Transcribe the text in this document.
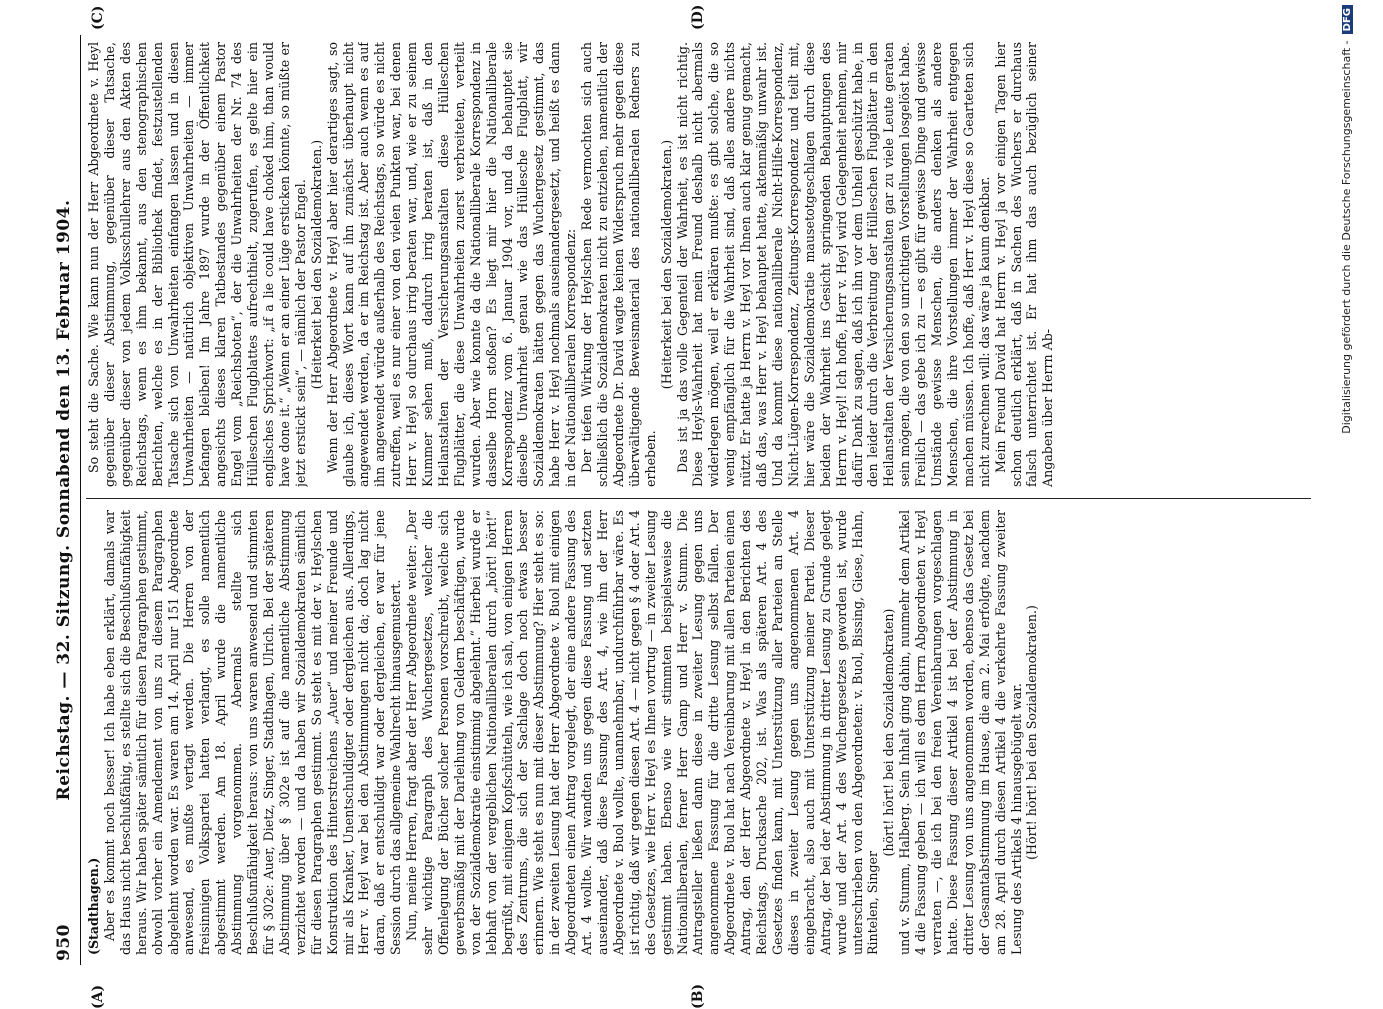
950
Reichstag. — 32. Sitzung. Sonnabend den 13. Februar 1904.
(A)	(B)
(C)	(D)

(Stadthagen.) Aber es kommt noch besser! Ich habe eben erklärt, damals war das Haus nicht beschlußfähig, es stellte sich die Beschlußunfähigkeit heraus. Wir haben später sämtlich für diesen Paragraphen gestimmt, obwohl vorher ein Amendement von uns zu diesem Paragraphen abgelehnt worden war. Es waren am 14. April nur 151 Abgeordnete anwesend, es mußte vertagt werden. Die Herren von der freisinnigen Volkspartei hatten verlangt, es solle namentlich abgestimmt werden. Am 18. April wurde die namentliche Abstimmung vorgenommen. Abermals stellte sich Beschlußunfähigkeit heraus: von uns waren anwesend und stimmten für § 302e: Auer, Dietz, Singer, Stadthagen, Ulrich. Bei der späteren Abstimmung über § 302e ist auf die namentliche Abstimmung verzichtet worden — und da haben wir Sozialdemokraten sämtlich für diesen Paragraphen gestimmt. So steht es mit der v. Heylschen Konstruktion des Hinterstreichens „Auer“ und meiner Freunde und mir als Kranker, Unentschuldigter oder dergleichen aus. Allerdings, Herr v. Heyl war bei den Abstimmungen nicht da; doch lag nicht daran, daß er entschuldigt war oder dergleichen, er war für jene Session durch das allgemeine Wahlrecht hinausgemustert. Nun, meine Herren, fragt aber der Herr Abgeordnete weiter: „Der sehr wichtige Paragraph des Wuchergesetzes, welcher die Offenlegung der Bücher solcher Personen vorschreibt, welche sich gewerbsmäßig mit der Darleihung von Geldern beschäftigen, wurde von der Sozialdemokratie einstimmig abgelehnt.“ Hierbei wurde er lebhaft von der vergeblichen Nationalliberalen durch „hört! hört!“ begrüßt, mit einigem Kopfschütteln, wie ich sah, von einigen Herren des Zentrums, die sich der Sachlage doch noch etwas besser erinnern. Wie steht es nun mit dieser Abstimmung? Hier steht es so: in der zweiten Lesung hat der Herr Abgeordnete v. Buol mit einigen Abgeordneten einen Antrag vorgelegt, der eine andere Fassung des Art. 4 wollte. Wir wandten uns gegen diese Fassung und setzten auseinander, daß diese Fassung des Art. 4, wie ihn der Herr Abgeordnete v. Buol wollte, unannehmbar, undurchführbar wäre. Es ist richtig, daß wir gegen diesen Art. 4 — nicht gegen § 4 oder Art. 4 des Gesetzes, wie Herr v. Heyl es Ihnen vortrug — in zweiter Lesung gestimmt haben. Ebenso wie wir stimmten beispielsweise die Nationalliberalen, ferner Herr Gamp und Herr v. Stumm. Die Antragsteller ließen dann diese in zweiter Lesung gegen uns angenommene Fassung für die dritte Lesung selbst fallen. Der Abgeordnete v. Buol hat nach Vereinbarung mit allen Parteien einen Antrag, den der Herr Abgeordnete v. Heyl in den Berichten des Reichstags, Drucksache 202, ist. Was als späteren Art. 4 des Gesetzes finden kann, mit Unterstützung aller Parteien an Stelle dieses in zweiter Lesung gegen uns angenommenen Art. 4 eingebracht, also auch mit Unterstützung meiner Partei. Dieser Antrag, der bei der Abstimmung in dritter Lesung zu Grunde gelegt wurde und der Art. 4 des Wuchergesetzes geworden ist, wurde unterschrieben von den Abgeordneten: v. Buol, Bissing, Giese, Hahn, Rintelen, Singer

(hört! hört! bei den Sozialdemokraten) und v. Stumm, Halberg. Sein Inhalt ging dahin, nunmehr dem Artikel 4 die Fassung geben — ich will es dem Herrn Abgeordneten v. Heyl verraten —, die ich bei den freien Vereinbarungen vorgeschlagen hatte. Diese Fassung dieser Artikel 4 ist bei der Abstimmung in dritter Lesung von uns angenommen worden, ebenso das Gesetz bei der Gesamtabstimmung im Hause, die am 2. Mai erfolgte, nachdem am 28. April durch diesen Artikel 4 die verkehrte Fassung zweiter Lesung des Artikels 4 hinausgebügelt war. (Hört! hört! bei den Sozialdemokraten.)

So steht die Sache. Wie kann nun der Herr Abgeordnete v. Heyl gegenüber dieser Abstimmung, gegenüber dieser Tatsache, gegenüber dieser von jedem Volksschullehrer aus den Akten des Reichstags, wenn es ihm bekannt, aus den stenographischen Berichten, welche es in der Bibliothek findet, festzustellenden Tatsache sich von Unwahrheiten einfangen lassen und in diesen Unwahrheiten — natürlich objektiven Unwahrheiten — immer befangen bleiben! Im Jahre 1897 wurde in der Öffentlichkeit angesichts dieses klaren Tatbestandes gegenüber einem Pastor Engel vom „Reichsboten“, der die Unwahrheiten der Nr. 74 des Hülleschen Flugblattes aufrechthielt, zugerufen, es gelte hier ein englisches Sprichwort: „if a lie could have choked him, than would have done it.“ „Wenn er an einer Lüge ersticken könnte, so müßte er jetzt erstickt sein“, — nämlich der Pastor Engel. (Heiterkeit bei den Sozialdemokraten.) Wenn der Herr Abgeordnete v. Heyl aber hier derartiges sagt, so glaube ich, dieses Wort kann auf ihn zunächst überhaupt nicht angewendet werden, da er im Reichstag ist. Aber auch wenn es auf ihn angewendet würde außerhalb des Reichstags, so würde es nicht zutreffen, weil es nur einer von den vielen Punkten war, bei denen Herr v. Heyl so durchaus irrig beraten war, und, wie er zu seinem Kummer sehen muß, dadurch irrig beraten ist, daß in den Heilanstalten der Versicherungsanstalten diese Hülleschen Flugblätter, die diese Unwahrheiten zuerst verbreiteten, verteilt wurden. Aber wie konnte da die Nationalliberale Korrespondenz in dasselbe Horn stoßen? Es liegt mir hier die Nationalliberale Korrespondenz vom 6. Januar 1904 vor, und da behauptet sie dieselbe Unwahrheit genau wie das Hüllesche Flugblatt, wir Sozialdemokraten hätten gegen das Wuchergesetz gestimmt, das habe Herr v. Heyl nochmals auseinandergesetzt, und heißt es dann in der Nationalliberalen Korrespondenz: Der tiefen Wirkung der Heylschen Rede vermochten sich auch schließlich die Sozialdemokraten nicht zu entziehen, namentlich der Abgeordnete Dr. David wagte keinen Widerspruch mehr gegen diese überwältigende Beweismaterial des nationalliberalen Redners zu erheben.

(Heiterkeit bei den Sozialdemokraten.) Das ist ja das volle Gegenteil der Wahrheit, es ist nicht richtig. Diese Heyls-Wahrheit hat mein Freund deshalb nicht abermals widerlegen mögen, weil er erklären mußte: es gibt solche, die so wenig empfänglich für die Wahrheit sind, daß alles andere nichts nützt. Er hatte ja Herrn v. Heyl vor Ihnen auch klar genug gemacht, daß das, was Herr v. Heyl behauptet hatte, aktenmäßig unwahr ist. Und da kommt diese nationalliberale Nicht-Hilfe-Korrespondenz, Nicht-Lügen-Korrespondenz, Zeitungs-Korrespondenz und teilt mit, hier wäre die Sozialdemokratie mausetotgeschlagen durch diese beiden der Wahrheit ins Gesicht springenden Behauptungen des Herrn v. Heyl! Ich hoffe, Herr v. Heyl wird Gelegenheit nehmen, mir dafür Dank zu sagen, daß ich ihn vor dem Unheil geschützt habe, in den leider durch die Verbreitung der Hülleschen Flugblätter in den Heilanstalten der Versicherungsanstalten gar zu viele Leute geraten sein mögen, die von den so unrichtigen Vorstellungen losgelöst habe. Freilich — das gebe ich zu — es gibt für gewisse Dinge und gewisse Umstände gewisse Menschen, die anders denken als andere Menschen, die ihre Vorstellungen immer der Wahrheit entgegen machen müssen. Ich hoffe, daß Herr v. Heyl diese so Gearteten sich nicht zurechnen will: das wäre ja kaum denkbar. Mein Freund David hat Herrn v. Heyl ja vor einigen Tagen hier schon deutlich erklärt, daß in Sachen des Wuchers er durchaus falsch unterrichtet ist. Er hat ihm das auch bezüglich seiner Angaben über Herrn Ab-	Digitalisierung gefördert durch die Deutsche Forschungsgemeinschaft -DFG
